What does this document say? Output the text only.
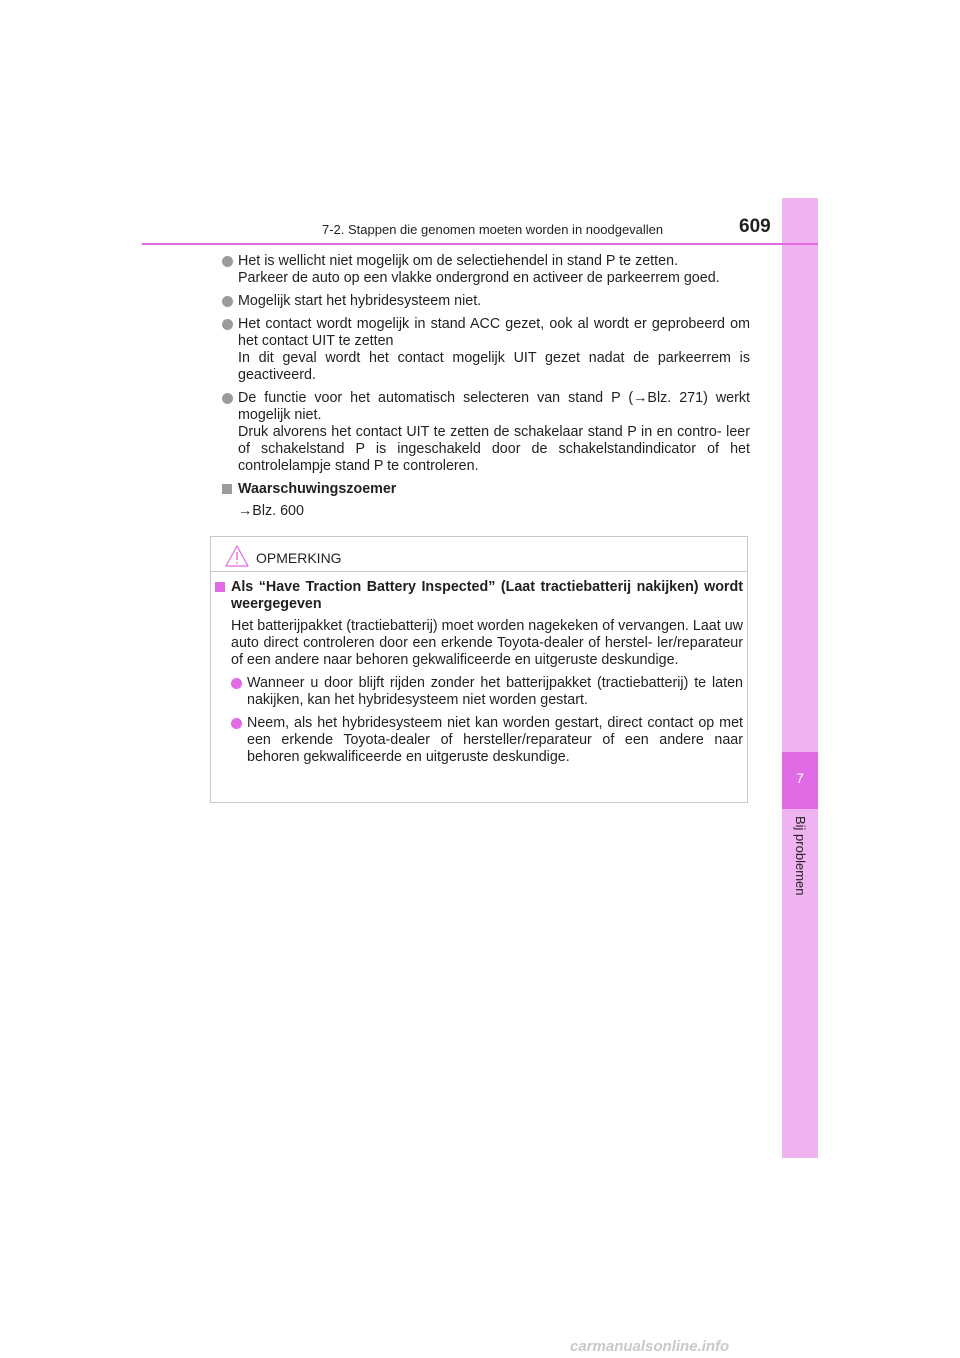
7
Bij problemen
7-2. Stappen die genomen moeten worden in noodgevallen	609

Het is wellicht niet mogelijk om de selectiehendel in stand P te zetten.

Parkeer de auto op een vlakke ondergrond en activeer de parkeerrem goed.

Mogelijk start het hybridesysteem niet.

Het contact wordt mogelijk in stand ACC gezet, ook al wordt er geprobeerd om het contact UIT te zetten

In dit geval wordt het contact mogelijk UIT gezet nadat de parkeerrem is geactiveerd.

De functie voor het automatisch selecteren van stand P (→Blz. 271) werkt mogelijk niet.

Druk alvorens het contact UIT te zetten de schakelaar stand P in en contro- leer of schakelstand P is ingeschakeld door de schakelstandindicator of het controlelampje stand P te controleren.

Waarschuwingszoemer
→Blz. 600
OPMERKING
Als “Have Traction Battery Inspected” (Laat tractiebatterij nakijken) wordt weergegeven
Het batterijpakket (tractiebatterij) moet worden nagekeken of vervangen. Laat uw auto direct controleren door een erkende Toyota-dealer of herstel- ler/reparateur of een andere naar behoren gekwalificeerde en uitgeruste deskundige.
Wanneer u door blijft rijden zonder het batterijpakket (tractiebatterij) te laten nakijken, kan het hybridesysteem niet worden gestart.
Neem, als het hybridesysteem niet kan worden gestart, direct contact op met een erkende Toyota-dealer of hersteller/reparateur of een andere naar behoren gekwalificeerde en uitgeruste deskundige.
carmanualsonline.info
